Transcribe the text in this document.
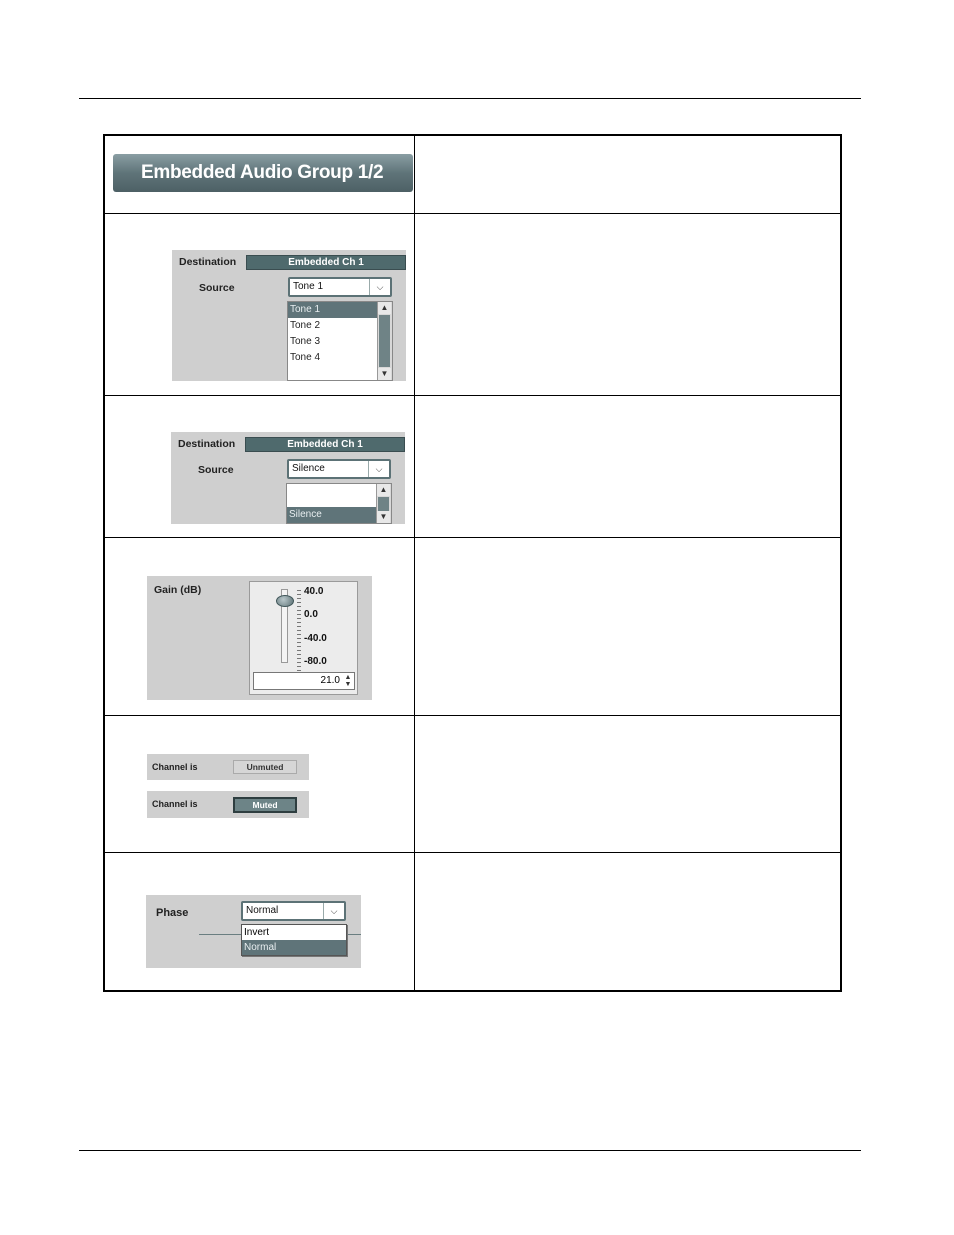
Embedded Audio Group 1/2
Destination	Embedded Ch 1
Source	Tone 1	⌵
Tone 1
Tone 2
Tone 3
Tone 4
▲
▼
Destination	Embedded Ch 1
Source	Silence	⌵
Silence
▲
▼
Gain (dB)	40.0
0.0
-40.0
-80.0
21.0 ▲
▼
Channel is	Unmuted
Channel is	Muted
Phase	Normal	⌵
Invert
Normal
